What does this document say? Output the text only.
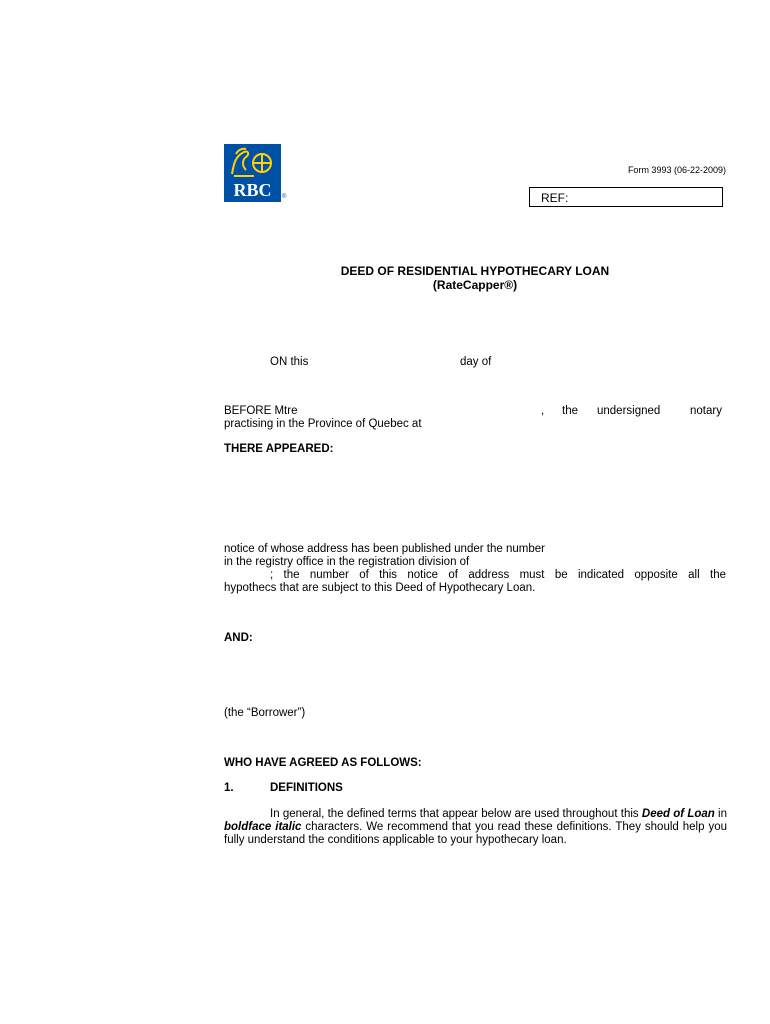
RBC	®
Form 3993 (06-22-2009)
REF:
DEED OF RESIDENTIAL HYPOTHECARY LOAN
(RateCapper®)
ON this	day of
BEFORE Mtre	, the undersigned	notary
practising in the Province of Quebec at
THERE APPEARED:
notice of whose address has been published under the number
in the registry office in the registration division of
; the number of this notice of address must be indicated opposite all the
hypothecs that are subject to this Deed of Hypothecary Loan.
AND:
(the “Borrower”)
WHO HAVE AGREED AS FOLLOWS:
1.	DEFINITIONS
In general, the defined terms that appear below are used throughout this Deed of Loan in boldface italic characters. We recommend that you read these definitions. They should help you fully understand the conditions applicable to your hypothecary loan.
